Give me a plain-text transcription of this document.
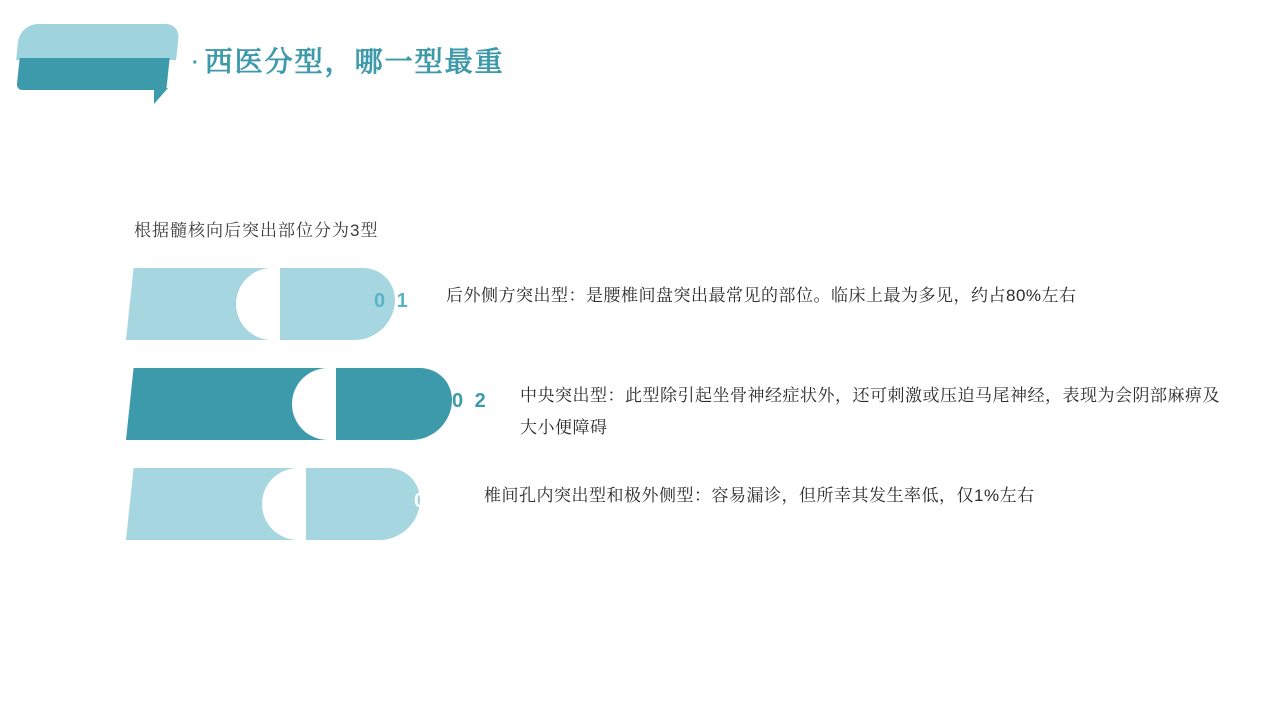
· 西医分型，哪一型最重
根据髓核向后突出部位分为3型
0 1 后外侧方突出型：是腰椎间盘突出最常见的部位。临床上最为多见，约占80%左右
0 2 中央突出型：此型除引起坐骨神经症状外，还可刺激或压迫马尾神经，表现为会阴部麻痹及大小便障碍
0 3 椎间孔内突出型和极外侧型：容易漏诊，但所幸其发生率低，仅1%左右
